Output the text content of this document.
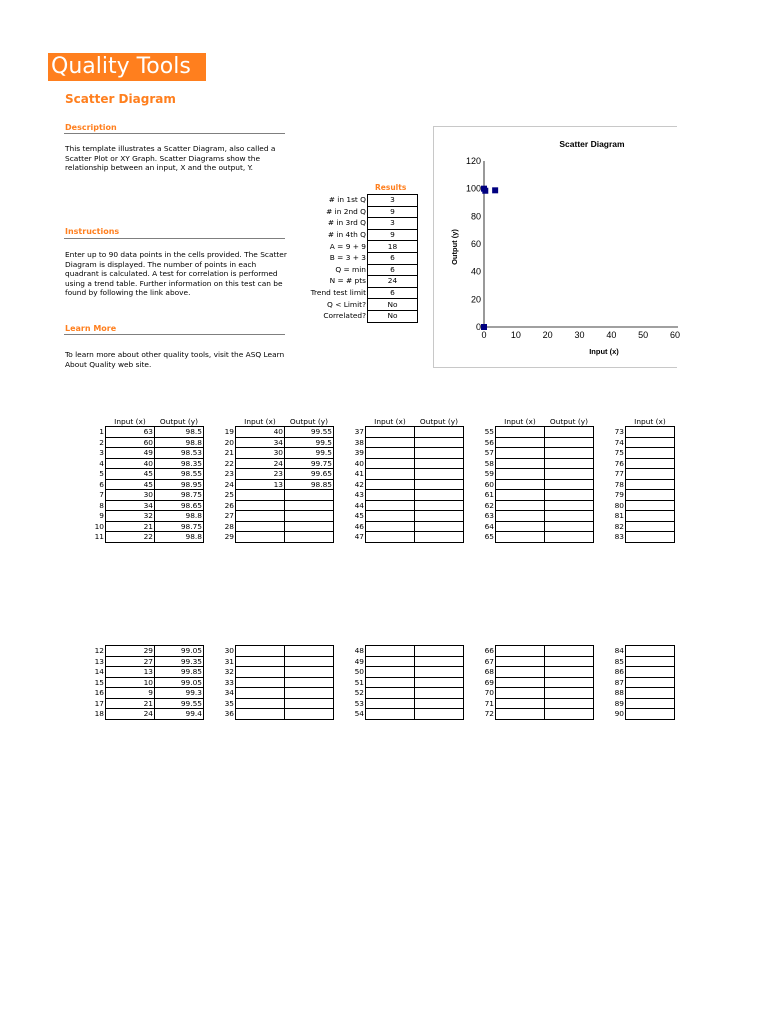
Quality Tools
Scatter Diagram
Description
This template illustrates a Scatter Diagram, also called a Scatter Plot or XY Graph. Scatter Diagrams show the relationship between an input, X and the output, Y.
Instructions
Enter up to 90 data points in the cells provided. The Scatter Diagram is displayed. The number of points in each quadrant is calculated. A test for correlation is performed using a trend table. Further information on this test can be found by following the link above.
Learn More
To learn more about other quality tools, visit the ASQ Learn About Quality web site.
Results
# in 1st Q	3
# in 2nd Q	9
# in 3rd Q	3
# in 4th Q	9
A = 9 + 9	18
B = 3 + 3	6
Q = min	6
N = # pts	24
Trend test limit	6
Q < Limit?	No
Correlated?	No
Scatter Diagram
0
20
40
60
80
100
120
0	10 20 30 40 50 60
Input (x)
Output (y)
	Input (x)	Output (y)
1	63	98.5
2	60	98.8
3	49	98.53
4	40	98.35
5	45	98.55
6	45	98.95
7	30	98.75
8	34	98.65
9	32	98.8
10	21	98.75
11	22	98.8
12	29	99.05
13	27	99.35
14	13	99.85
15	10	99.05
16	9	99.3
17	21	99.55
18	24	99.4
	Input (x)	Output (y)
19	40	99.55
20	34	99.5
21	30	99.5
22	24	99.75
23	23	99.65
24	13	98.85
25		
26		
27		
28		
29		
30		
31		
32		
33		
34		
35		
36		
	Input (x)	Output (y)
37		
38		
39		
40		
41		
42		
43		
44		
45		
46		
47		
48		
49		
50		
51		
52		
53		
54		
	Input (x)	Output (y)
55		
56		
57		
58		
59		
60		
61		
62		
63		
64		
65		
66		
67		
68		
69		
70		
71		
72		
	Input (x)
73	
74	
75	
76	
77	
78	
79	
80	
81	
82	
83	
84	
85	
86	
87	
88	
89	
90	
